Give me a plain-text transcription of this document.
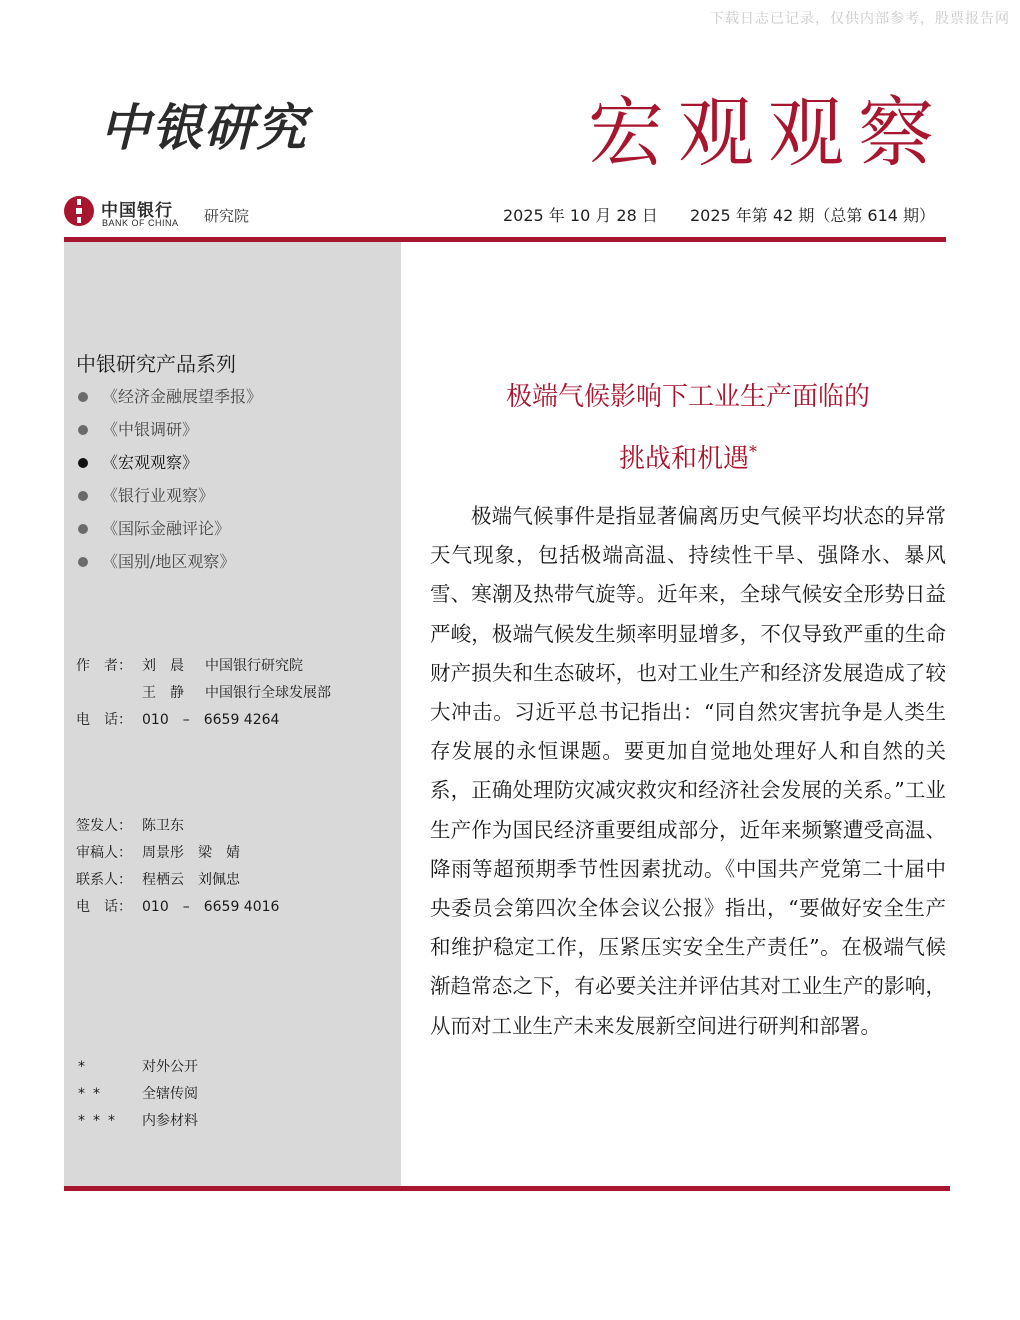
下载日志已记录，仅供内部参考，股票报告网
中银研究	宏观观察
中国银行
BANK OF CHINA 研究院	2025 年 10 月 28 日 2025 年第 42 期（总第 614 期）
中银研究产品系列
《经济金融展望季报》
《中银调研》
《宏观观察》
《银行业观察》
《国际金融评论》
《国别/地区观察》
作　者： 刘　晨 中国银行研究院
王　静 中国银行全球发展部
电　话： 010　–　6659 4264
签发人： 陈卫东
审稿人： 周景彤　梁　婧
联系人： 程栖云　刘佩忠
电　话： 010　–　6659 4016
*	对外公开
** 全辖传阅
*** 内参材料
极端气候影响下工业生产面临的
挑战和机遇*

极端气候事件是指显著偏离历史气候平均状态的异常天气现象，包括极端高温、持续性干旱、强降水、暴风雪、寒潮及热带气旋等。近年来，全球气候安全形势日益严峻，极端气候发生频率明显增多，不仅导致严重的生命财产损失和生态破坏，也对工业生产和经济发展造成了较大冲击。习近平总书记指出：“同自然灾害抗争是人类生存发展的永恒课题。要更加自觉地处理好人和自然的关系，正确处理防灾减灾救灾和经济社会发展的关系。”工业生产作为国民经济重要组成部分，近年来频繁遭受高温、降雨等超预期季节性因素扰动。《中国共产党第二十届中央委员会第四次全体会议公报》指出，“要做好安全生产和维护稳定工作，压紧压实安全生产责任”。在极端气候渐趋常态之下，有必要关注并评估其对工业生产的影响，从而对工业生产未来发展新空间进行研判和部署。
